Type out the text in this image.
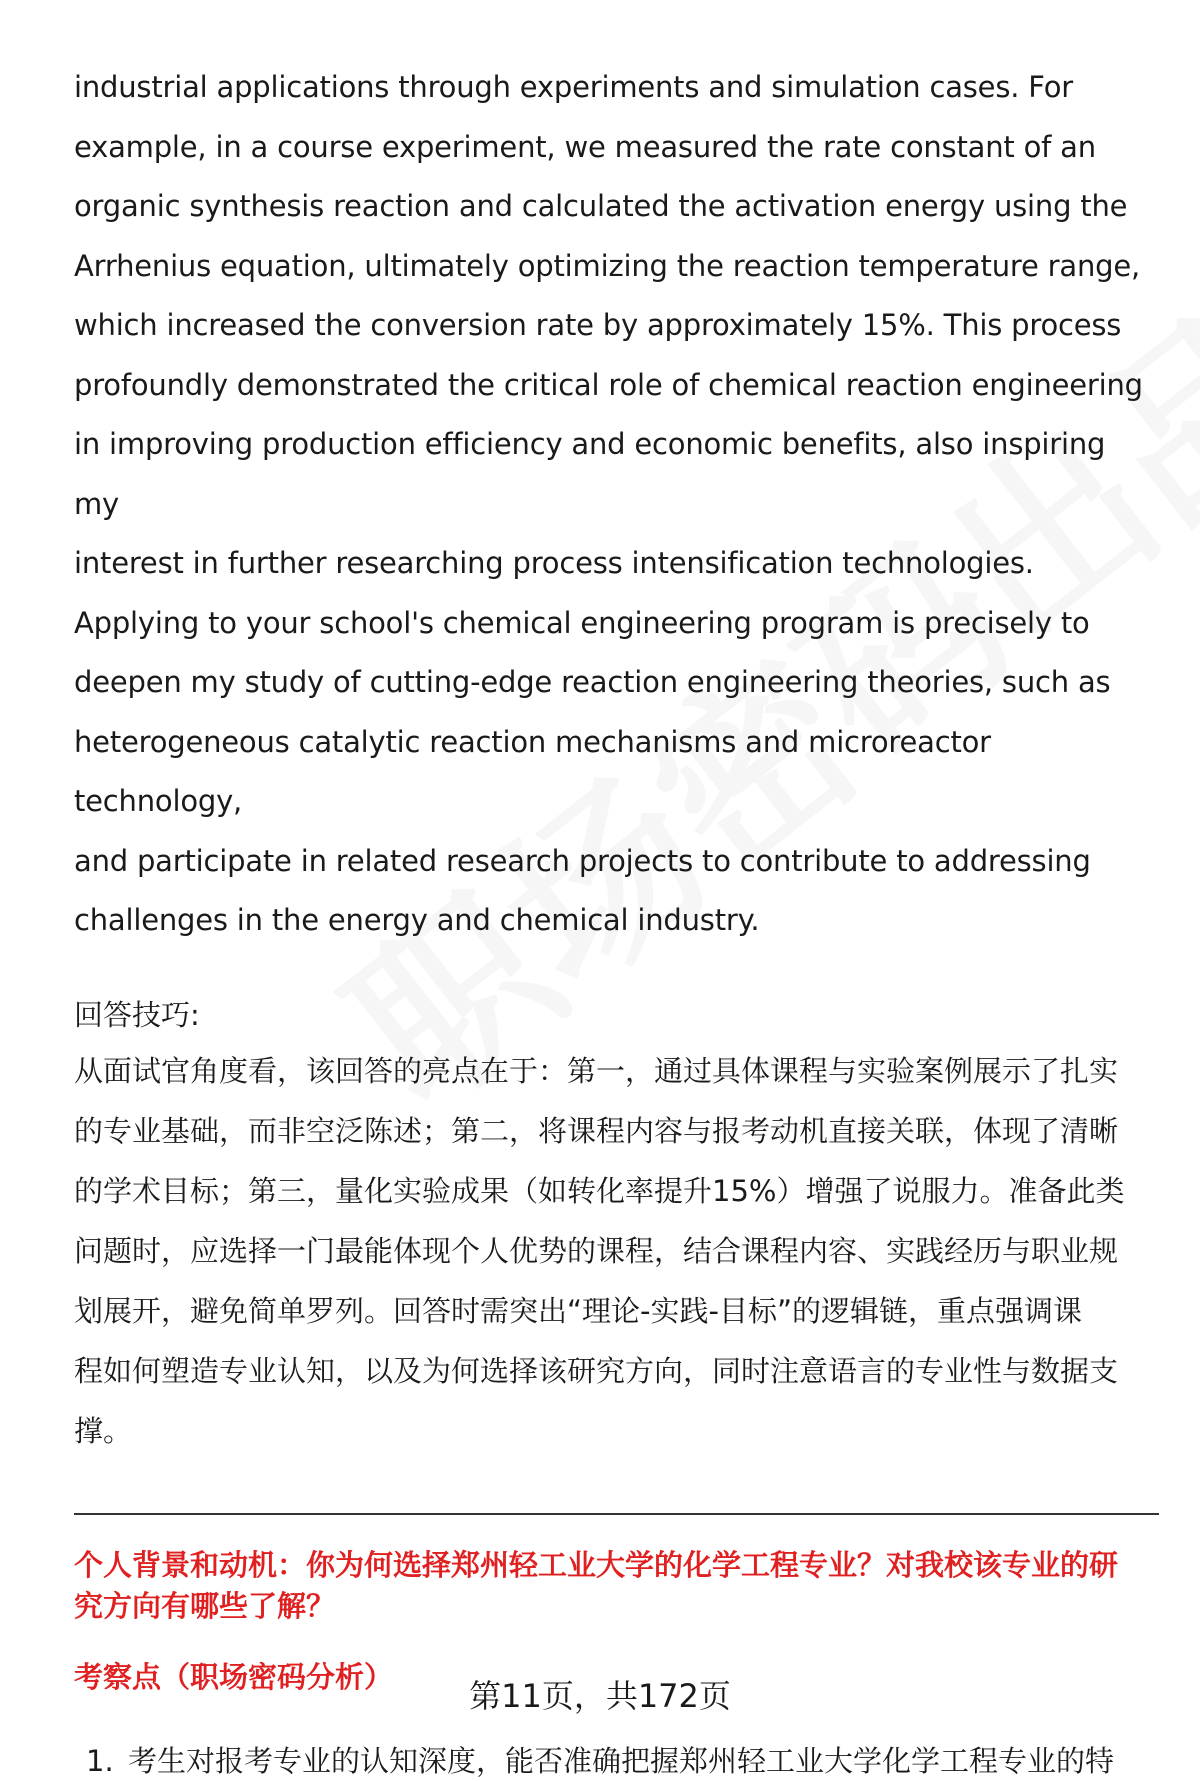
industrial applications through experiments and simulation cases. For
example, in a course experiment, we measured the rate constant of an
organic synthesis reaction and calculated the activation energy using the
Arrhenius equation, ultimately optimizing the reaction temperature range,
which increased the conversion rate by approximately 15%. This process
profoundly demonstrated the critical role of chemical reaction engineering
in improving production efficiency and economic benefits, also inspiring my
interest in further researching process intensification technologies.
Applying to your school's chemical engineering program is precisely to
deepen my study of cutting-edge reaction engineering theories, such as
heterogeneous catalytic reaction mechanisms and microreactor technology,
and participate in related research projects to contribute to addressing
challenges in the energy and chemical industry.

回答技巧:

从面试官角度看，该回答的亮点在于：第一，通过具体课程与实验案例展示了扎实
的专业基础，而非空泛陈述；第二，将课程内容与报考动机直接关联，体现了清晰
的学术目标；第三，量化实验成果（如转化率提升15%）增强了说服力。准备此类
问题时，应选择一门最能体现个人优势的课程，结合课程内容、实践经历与职业规
划展开，避免简单罗列。回答时需突出“理论-实践-目标”的逻辑链，重点强调课
程如何塑造专业认知，以及为何选择该研究方向，同时注意语言的专业性与数据支
撑。

个人背景和动机：你为何选择郑州轻工业大学的化学工程专业？对我校该专业的研
究方向有哪些了解？
考察点（职场密码分析）
1. 考生对报考专业的认知深度，能否准确把握郑州轻工业大学化学工程专业的特
第11页，共172页
